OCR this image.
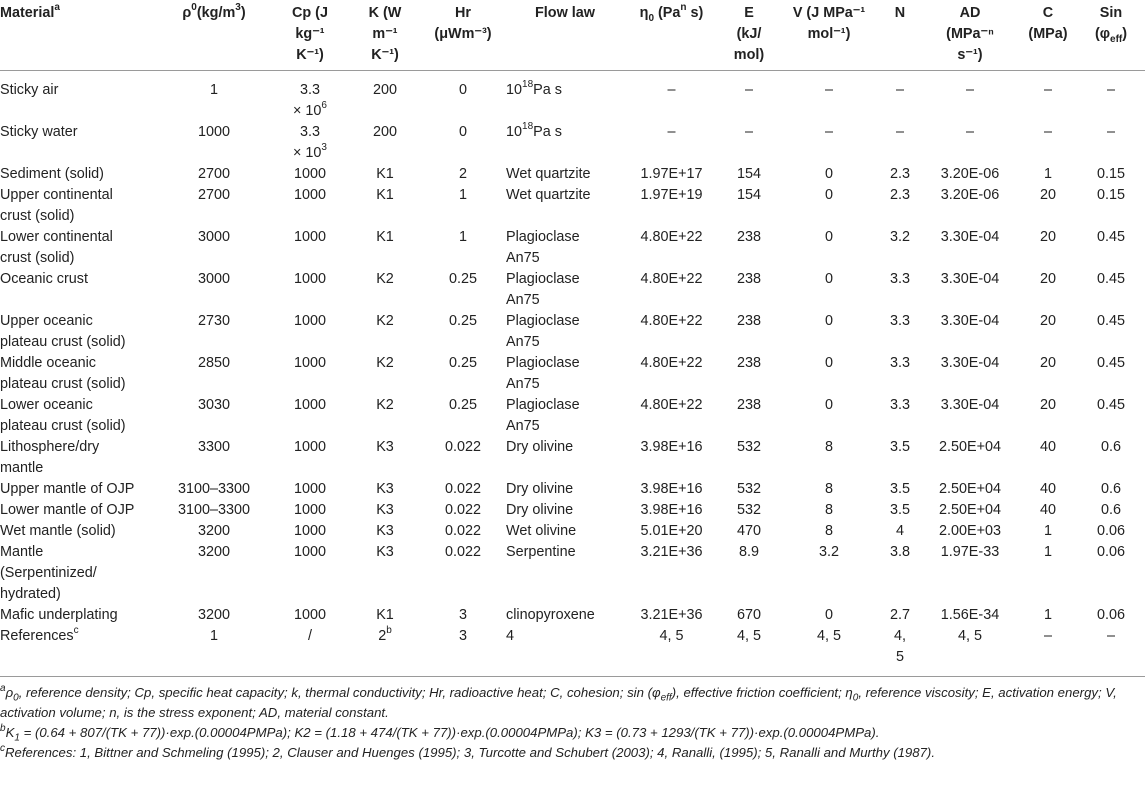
Material$^a$	$\rho^0(kg/m^3)$	Cp (J
kg⁻¹
K⁻¹)	K (W
m⁻¹
K⁻¹)	Hr
(μWm⁻³)	Flow law	$\eta_0$ (Pa$^n$ s)	E
(kJ/
mol)	V (J MPa⁻¹
mol⁻¹)	N	AD
(MPa⁻ⁿ
s⁻¹)	C
(MPa)	Sin
$(\varphi_{eff})$

Sticky air	1	3.3
× $10^6$	200	0	$10^{18}Pa$ s	–	–	–	–	–	–	–
Sticky water	1000	3.3
× $10^3$	200	0	$10^{18}Pa$ s	–	–	–	–	–	–	–
Sediment (solid)	2700	1000	K1	2	Wet quartzite	1.97E+17	154	0	2.3	3.20E-06	1	0.15
Upper continental
crust (solid)	2700	1000	K1	1	Wet quartzite	1.97E+19	154	0	2.3	3.20E-06	20	0.15
Lower continental
crust (solid)	3000	1000	K1	1	Plagioclase
An75	4.80E+22	238	0	3.2	3.30E-04	20	0.45
Oceanic crust	3000	1000	K2	0.25	Plagioclase
An75	4.80E+22	238	0	3.3	3.30E-04	20	0.45
Upper oceanic
plateau crust (solid)	2730	1000	K2	0.25	Plagioclase
An75	4.80E+22	238	0	3.3	3.30E-04	20	0.45
Middle oceanic
plateau crust (solid)	2850	1000	K2	0.25	Plagioclase
An75	4.80E+22	238	0	3.3	3.30E-04	20	0.45
Lower oceanic
plateau crust (solid)	3030	1000	K2	0.25	Plagioclase
An75	4.80E+22	238	0	3.3	3.30E-04	20	0.45
Lithosphere/dry
mantle	3300	1000	K3	0.022	Dry olivine	3.98E+16	532	8	3.5	2.50E+04	40	0.6
Upper mantle of OJP	3100–3300	1000	K3	0.022	Dry olivine	3.98E+16	532	8	3.5	2.50E+04	40	0.6
Lower mantle of OJP	3100–3300	1000	K3	0.022	Dry olivine	3.98E+16	532	8	3.5	2.50E+04	40	0.6
Wet mantle (solid)	3200	1000	K3	0.022	Wet olivine	5.01E+20	470	8	4	2.00E+03	1	0.06
Mantle
(Serpentinized/
hydrated)	3200	1000	K3	0.022	Serpentine	3.21E+36	8.9	3.2	3.8	1.97E-33	1	0.06
Mafic underplating	3200	1000	K1	3	clinopyroxene	3.21E+36	670	0	2.7	1.56E-34	1	0.06
References$^c$	1	/	2$^b$	3	4	4, 5	4, 5	4, 5	4,
5	4, 5	–	–

$^a\rho_0$, reference density; Cp, specific heat capacity; k, thermal conductivity; Hr, radioactive heat; C, cohesion; $\sin (\varphi_{eff})$, effective friction coefficient; $\eta_0$, reference viscosity; E, activation energy; V, activation volume; n, is the stress exponent; AD, material constant.

$^bK_1 = (0.64 + 807/(TK$ + 77))·exp.(0.00004PMPa); K2 = (1.18 + 474/(TK + 77))·exp.(0.00004PMPa); K3 = (0.73 + 1293/(TK + 77))·exp.(0.00004PMPa).

$^c$References: 1, Bittner and Schmeling (1995); 2, Clauser and Huenges (1995); 3, Turcotte and Schubert (2003); 4, Ranalli, (1995); 5, Ranalli and Murthy (1987).
